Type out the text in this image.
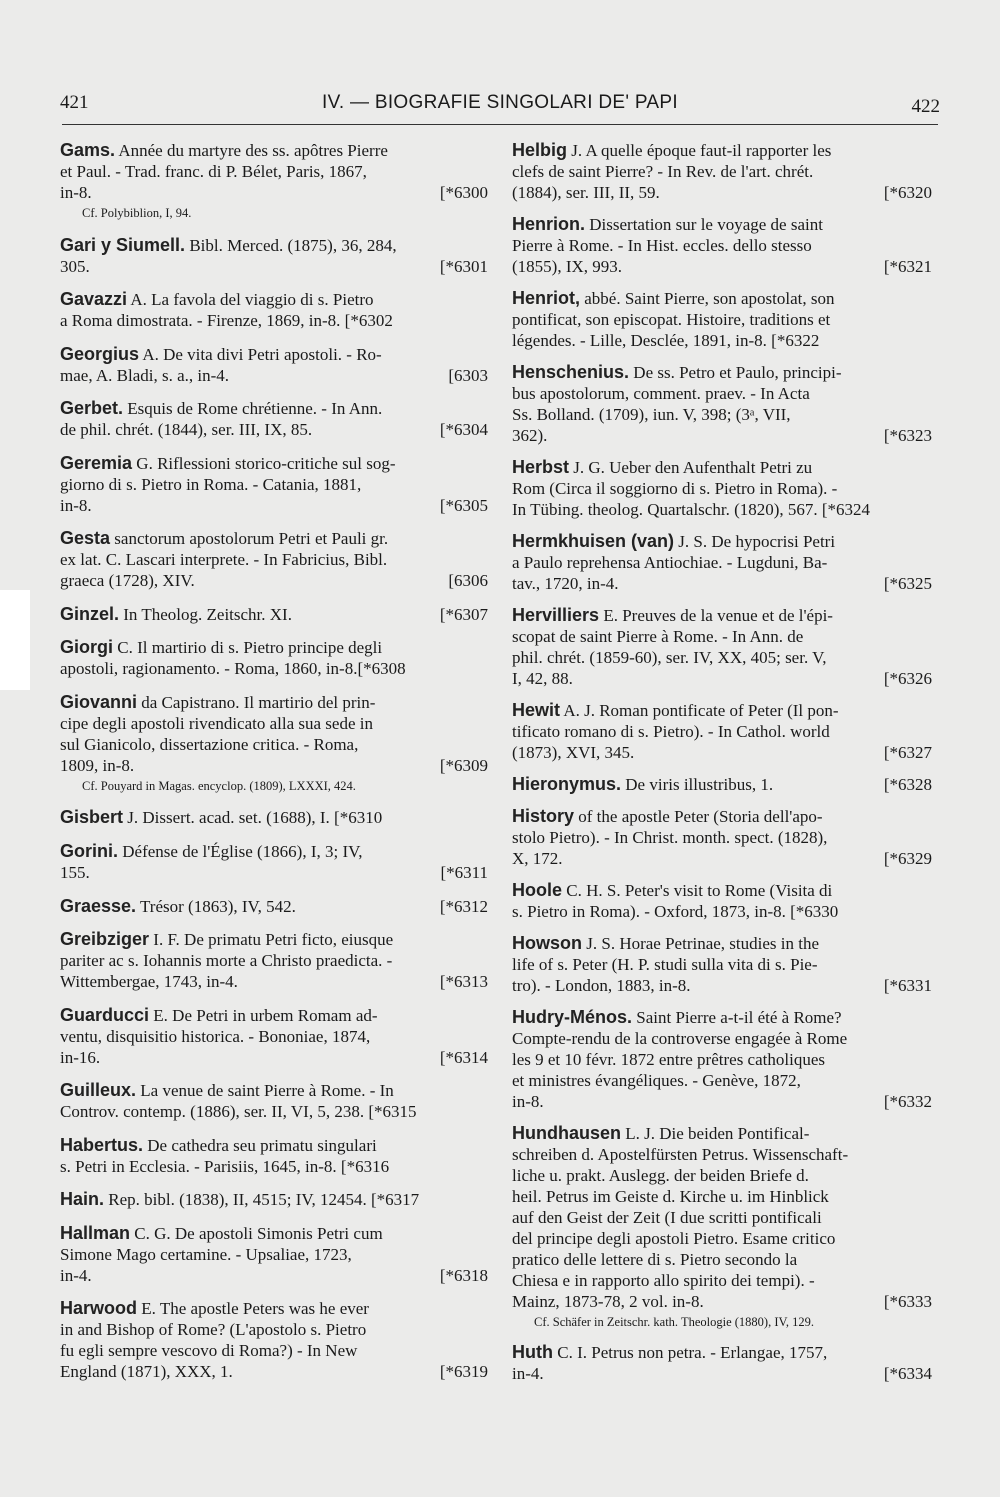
421	IV. — BIOGRAFIE SINGOLARI DE' PAPI	422
Gams. Année du martyre des ss. apôtres Pierre
et Paul. - Trad. franc. di P. Bélet, Paris, 1867,
in-8.	[*6300
Cf. Polybiblion, I, 94.
Gari y Siumell. Bibl. Merced. (1875), 36, 284,
305.	[*6301
Gavazzi A. La favola del viaggio di s. Pietro
a Roma dimostrata. - Firenze, 1869, in-8. [*6302
Georgius A. De vita divi Petri apostoli. - Ro-
mae, A. Bladi, s. a., in-4.	[6303
Gerbet. Esquis de Rome chrétienne. - In Ann.
de phil. chrét. (1844), ser. III, IX, 85.	[*6304
Geremia G. Riflessioni storico-critiche sul sog-
giorno di s. Pietro in Roma. - Catania, 1881,
in-8.	[*6305
Gesta sanctorum apostolorum Petri et Pauli gr.
ex lat. C. Lascari interprete. - In Fabricius, Bibl.
graeca (1728), XIV.	[6306
Ginzel. In Theolog. Zeitschr. XI.	[*6307
Giorgi C. Il martirio di s. Pietro principe degli
apostoli, ragionamento. - Roma, 1860, in-8.[*6308
Giovanni da Capistrano. Il martirio del prin-
cipe degli apostoli rivendicato alla sua sede in
sul Gianicolo, dissertazione critica. - Roma,
1809, in-8.	[*6309
Cf. Pouyard in Magas. encyclop. (1809), LXXXI, 424.
Gisbert J. Dissert. acad. set. (1688), I. [*6310
Gorini. Défense de l'Église (1866), I, 3; IV,
155.	[*6311
Graesse. Trésor (1863), IV, 542.	[*6312
Greibziger I. F. De primatu Petri ficto, eiusque
pariter ac s. Iohannis morte a Christo praedicta. -
Wittembergae, 1743, in-4.	[*6313
Guarducci E. De Petri in urbem Romam ad-
ventu, disquisitio historica. - Bononiae, 1874,
in-16.	[*6314
Guilleux. La venue de saint Pierre à Rome. - In
Controv. contemp. (1886), ser. II, VI, 5, 238. [*6315
Habertus. De cathedra seu primatu singulari
s. Petri in Ecclesia. - Parisiis, 1645, in-8. [*6316
Hain. Rep. bibl. (1838), II, 4515; IV, 12454. [*6317
Hallman C. G. De apostoli Simonis Petri cum
Simone Mago certamine. - Upsaliae, 1723,
in-4.	[*6318
Harwood E. The apostle Peters was he ever
in and Bishop of Rome? (L'apostolo s. Pietro
fu egli sempre vescovo di Roma?) - In New
England (1871), XXX, 1.	[*6319
Helbig J. A quelle époque faut-il rapporter les
clefs de saint Pierre? - In Rev. de l'art. chrét.
(1884), ser. III, II, 59.	[*6320
Henrion. Dissertation sur le voyage de saint
Pierre à Rome. - In Hist. eccles. dello stesso
(1855), IX, 993.	[*6321
Henriot, abbé. Saint Pierre, son apostolat, son
pontificat, son episcopat. Histoire, traditions et
légendes. - Lille, Desclée, 1891, in-8. [*6322
Henschenius. De ss. Petro et Paulo, principi-
bus apostolorum, comment. praev. - In Acta
Ss. Bolland. (1709), iun. V, 398; (3ᵃ, VII,
362).	[*6323
Herbst J. G. Ueber den Aufenthalt Petri zu
Rom (Circa il soggiorno di s. Pietro in Roma). -
In Tübing. theolog. Quartalschr. (1820), 567. [*6324
Hermkhuisen (van) J. S. De hypocrisi Petri
a Paulo reprehensa Antiochiae. - Lugduni, Ba-
tav., 1720, in-4.	[*6325
Hervilliers E. Preuves de la venue et de l'épi-
scopat de saint Pierre à Rome. - In Ann. de
phil. chrét. (1859-60), ser. IV, XX, 405; ser. V,
I, 42, 88.	[*6326
Hewit A. J. Roman pontificate of Peter (Il pon-
tificato romano di s. Pietro). - In Cathol. world
(1873), XVI, 345.	[*6327
Hieronymus. De viris illustribus, 1.	[*6328
History of the apostle Peter (Storia dell'apo-
stolo Pietro). - In Christ. month. spect. (1828),
X, 172.	[*6329
Hoole C. H. S. Peter's visit to Rome (Visita di
s. Pietro in Roma). - Oxford, 1873, in-8. [*6330
Howson J. S. Horae Petrinae, studies in the
life of s. Peter (H. P. studi sulla vita di s. Pie-
tro). - London, 1883, in-8.	[*6331
Hudry-Ménos. Saint Pierre a-t-il été à Rome?
Compte-rendu de la controverse engagée à Rome
les 9 et 10 févr. 1872 entre prêtres catholiques
et ministres évangéliques. - Genève, 1872,
in-8.	[*6332
Hundhausen L. J. Die beiden Pontifical-
schreiben d. Apostelfürsten Petrus. Wissenschaft-
liche u. prakt. Auslegg. der beiden Briefe d.
heil. Petrus im Geiste d. Kirche u. im Hinblick
auf den Geist der Zeit (I due scritti pontificali
del principe degli apostoli Pietro. Esame critico
pratico delle lettere di s. Pietro secondo la
Chiesa e in rapporto allo spirito dei tempi). -
Mainz, 1873-78, 2 vol. in-8.	[*6333
Cf. Schäfer in Zeitschr. kath. Theologie (1880), IV, 129.
Huth C. I. Petrus non petra. - Erlangae, 1757,
in-4.	[*6334
